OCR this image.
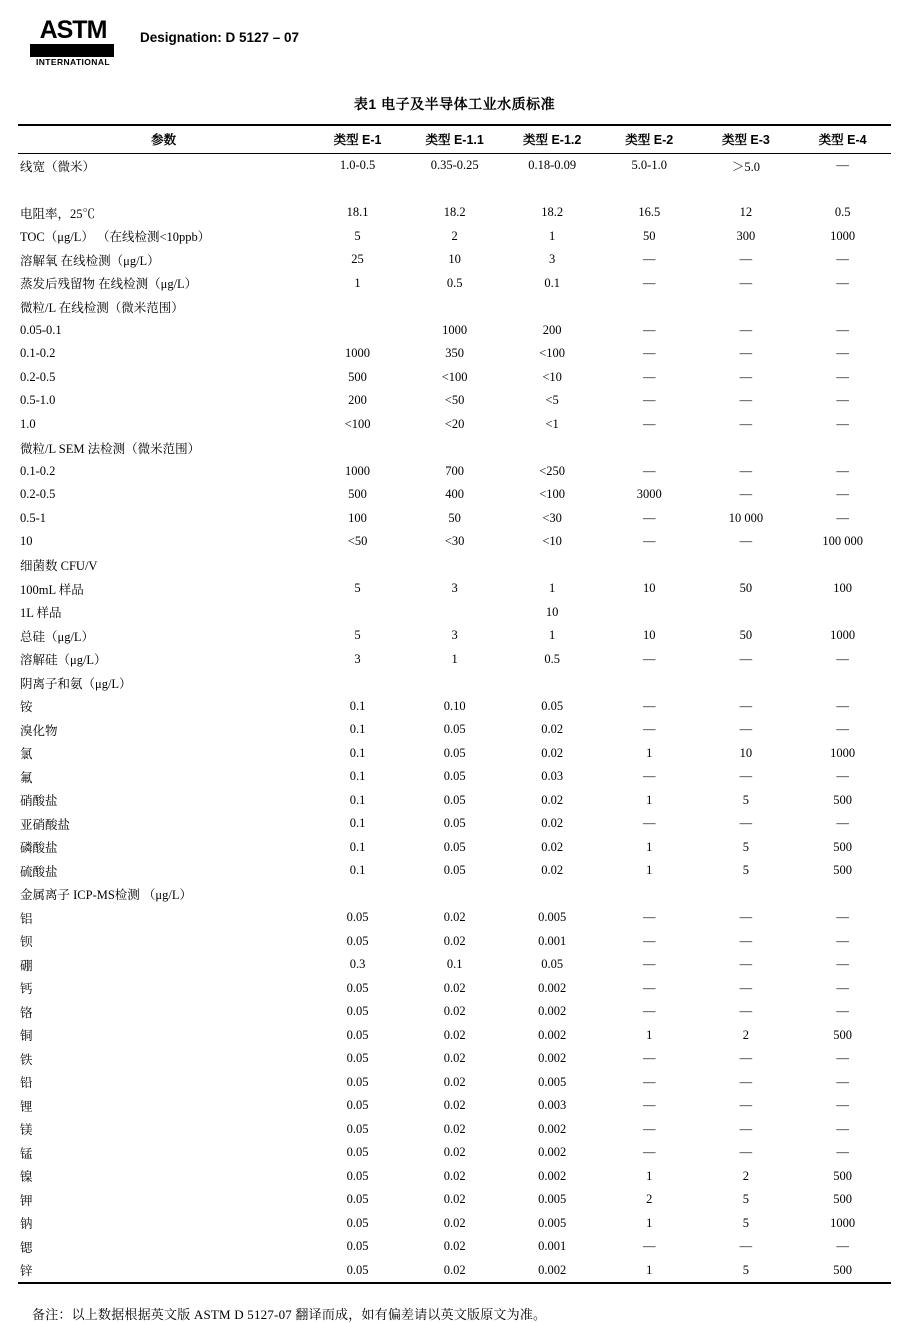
ASTM
INTERNATIONAL
Designation: D 5127 – 07
表1 电子及半导体工业水质标准
参数	类型 E-1	类型 E-1.1	类型 E-1.2	类型 E-2	类型 E-3	类型 E-4
线宽（微米）	1.0-0.5	0.35-0.25	0.18-0.09	5.0-1.0	＞5.0	—

电阻率，25℃	18.1	18.2	18.2	16.5	12	0.5
TOC（μg/L） （在线检测<10ppb）	5	2	1	50	300	1000
溶解氧 在线检测（μg/L）	25	10	3	—	—	—
蒸发后残留物 在线检测（μg/L）	1	0.5	0.1	—	—	—
微粒/L 在线检测（微米范围）						
0.05-0.1		1000	200	—	—	—
0.1-0.2	1000	350	<100	—	—	—
0.2-0.5	500	<100	<10	—	—	—
0.5-1.0	200	<50	<5	—	—	—
1.0	<100	<20	<1	—	—	—
微粒/L SEM 法检测（微米范围）						
0.1-0.2	1000	700	<250	—	—	—
0.2-0.5	500	400	<100	3000	—	—
0.5-1	100	50	<30	—	10 000	—
10	<50	<30	<10	—	—	100 000
细菌数 CFU/V						
100mL 样品	5	3	1	10	50	100
1L 样品			10			
总硅（μg/L）	5	3	1	10	50	1000
溶解硅（μg/L）	3	1	0.5	—	—	—
阴离子和氨（μg/L）						
铵	0.1	0.10	0.05	—	—	—
溴化物	0.1	0.05	0.02	—	—	—
氯	0.1	0.05	0.02	1	10	1000
氟	0.1	0.05	0.03	—	—	—
硝酸盐	0.1	0.05	0.02	1	5	500
亚硝酸盐	0.1	0.05	0.02	—	—	—
磷酸盐	0.1	0.05	0.02	1	5	500
硫酸盐	0.1	0.05	0.02	1	5	500
金属离子 ICP-MS检测 （μg/L）						
铝	0.05	0.02	0.005	—	—	—
钡	0.05	0.02	0.001	—	—	—
硼	0.3	0.1	0.05	—	—	—
钙	0.05	0.02	0.002	—	—	—
铬	0.05	0.02	0.002	—	—	—
铜	0.05	0.02	0.002	1	2	500
铁	0.05	0.02	0.002	—	—	—
铅	0.05	0.02	0.005	—	—	—
锂	0.05	0.02	0.003	—	—	—
镁	0.05	0.02	0.002	—	—	—
锰	0.05	0.02	0.002	—	—	—
镍	0.05	0.02	0.002	1	2	500
钾	0.05	0.02	0.005	2	5	500
钠	0.05	0.02	0.005	1	5	1000
锶	0.05	0.02	0.001	—	—	—
锌	0.05	0.02	0.002	1	5	500
备注：以上数据根据英文版 ASTM D 5127-07 翻译而成，如有偏差请以英文版原文为准。
